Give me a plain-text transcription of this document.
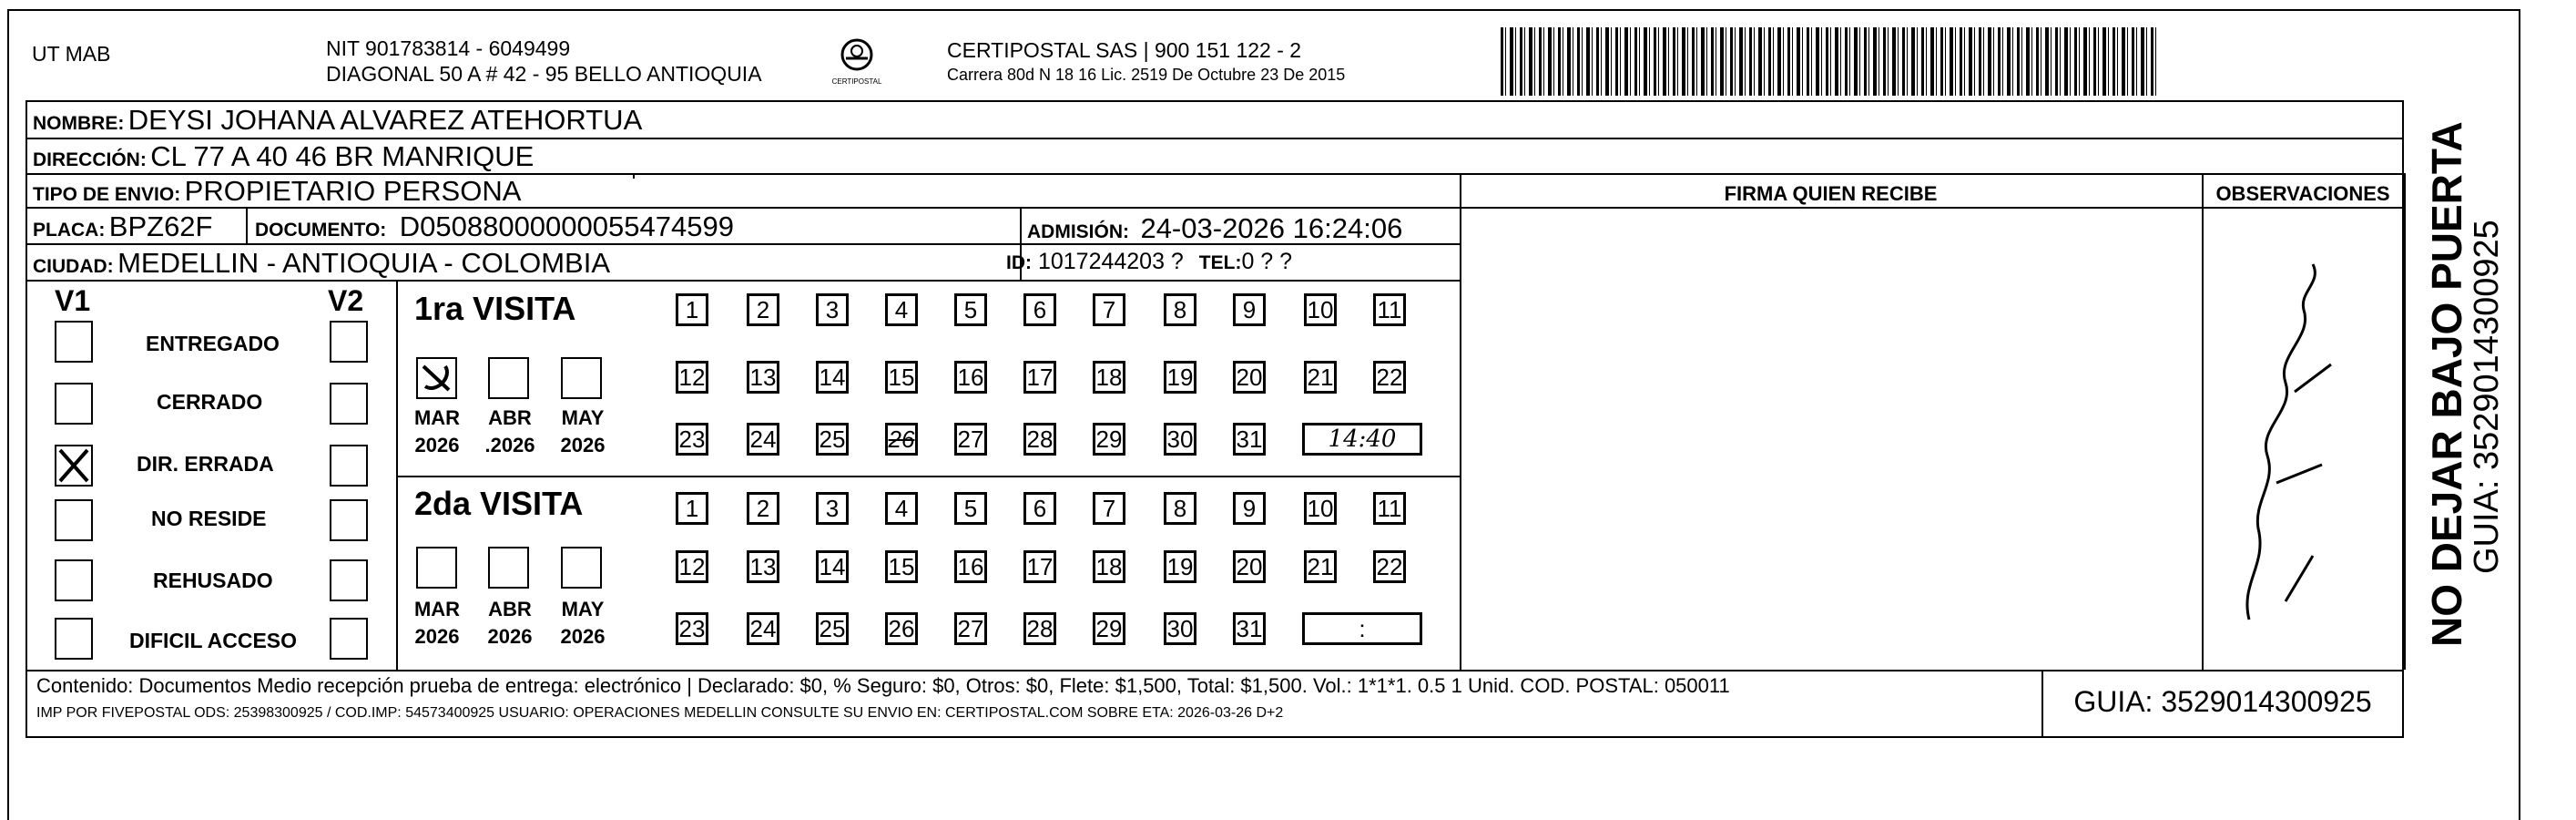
UT MAB	NIT 901783814 - 6049499
DIAGONAL 50 A # 42 - 95 BELLO ANTIOQUIA	CERTIPOSTAL
CERTIPOSTAL SAS | 900 151 122 - 2
Carrera 80d N 18 16 Lic. 2519 De Octubre 23 De 2015
NOMBRE: DEYSI JOHANA ALVAREZ ATEHORTUA
DIRECCIÓN: CL 77 A 40 46 BR MANRIQUE
TIPO DE ENVIO: PROPIETARIO PERSONA
PLACA: BPZ62F DOCUMENTO: D05088000000055474599	ADMISIÓN: 24-03-2026 16:24:06
CIUDAD: MEDELLIN - ANTIOQUIA - COLOMBIA	ID: 1017244203 ? TEL:0 ? ?
FIRMA QUIEN RECIBE	OBSERVACIONES
V1	V2
ENTREGADO
CERRADO
DIR. ERRADA
NO RESIDE
REHUSADO
DIFICIL ACCESO
1ra VISITA
MAR ABR MAY
2026 .2026 2026
1	2	3	4	5	6	7	8	9	10 11
12 13 14 15 16 17 18 19 20 21 22
23 24 25 26 27 28 29 30 31	14:40
2da VISITA
MAR ABR MAY
2026 2026 2026
1	2	3	4	5	6	7	8	9	10 11
12 13 14 15 16 17 18 19 20 21 22
23 24 25 26 27 28 29 30 31	:
Contenido: Documentos Medio recepción prueba de entrega: electrónico | Declarado: $0, % Seguro: $0, Otros: $0, Flete: $1,500, Total: $1,500. Vol.: 1*1*1. 0.5 1 Unid. COD. POSTAL: 050011
IMP POR FIVEPOSTAL ODS: 25398300925 / COD.IMP: 54573400925 USUARIO: OPERACIONES MEDELLIN CONSULTE SU ENVIO EN: CERTIPOSTAL.COM SOBRE ETA: 2026-03-26 D+2	GUIA: 3529014300925
NO DEJAR BAJO PUERTA
GUIA: 3529014300925
